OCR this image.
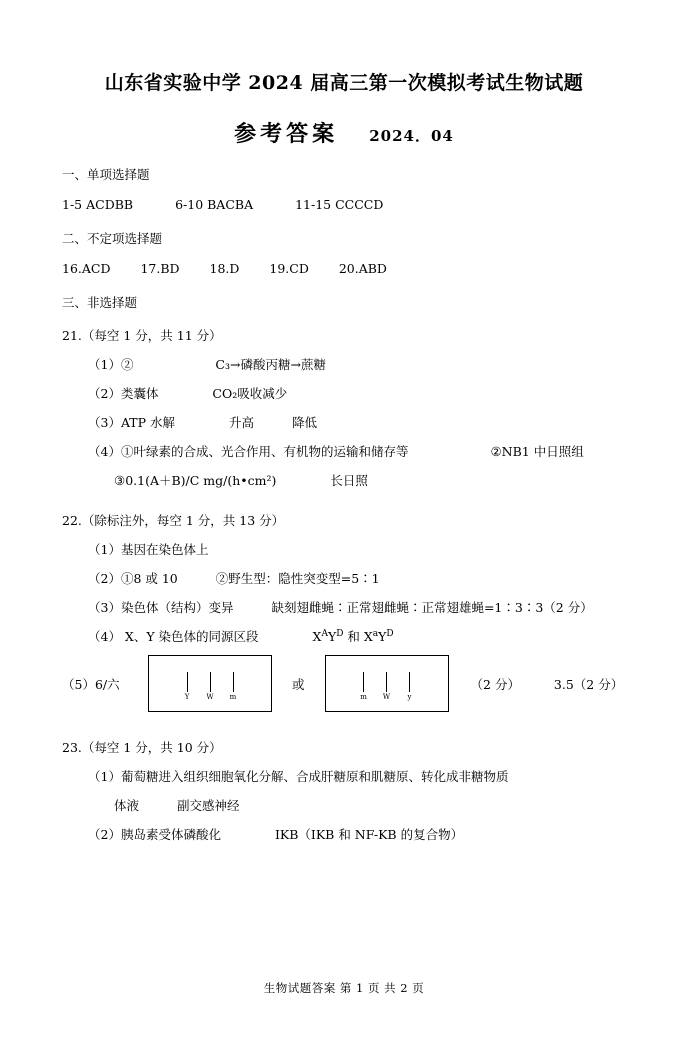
山东省实验中学 2024 届高三第一次模拟考试生物试题
参考答案 2024．04
一、单项选择题
1-5 ACDBB	6-10 BACBA	11-15 CCCCD
二、不定项选择题
16.ACD 17.BD 18.D 19.CD 20.ABD
三、非选择题
21.（每空 1 分，共 11 分）
（1）②	C₃→磷酸丙糖→蔗糖
（2）类囊体	CO₂吸收减少
（3）ATP 水解	升高	降低
（4）①叶绿素的合成、光合作用、有机物的运输和储存等	②NB1 中日照组
③0.1(A＋B)/C mg/(h•cm²)	长日照
22.（除标注外，每空 1 分，共 13 分）
（1）基因在染色体上
（2）①8 或 10	②野生型：隐性突变型=5∶1
（3）染色体（结构）变异	缺刻翅雌蝇∶正常翅雌蝇∶正常翅雄蝇=1∶3∶3（2 分）
（4） X、Y 染色体的同源区段	$X^AY^D$ 和 $X^aY^D$
（5）6/六
Y W m
或
m W y
（2 分）	3.5（2 分）
23.（每空 1 分，共 10 分）
（1）葡萄糖进入组织细胞氧化分解、合成肝糖原和肌糖原、转化成非糖物质
体液	副交感神经
（2）胰岛素受体磷酸化	IKB（IKB 和 NF-KB 的复合物）
生物试题答案 第 1 页 共 2 页
